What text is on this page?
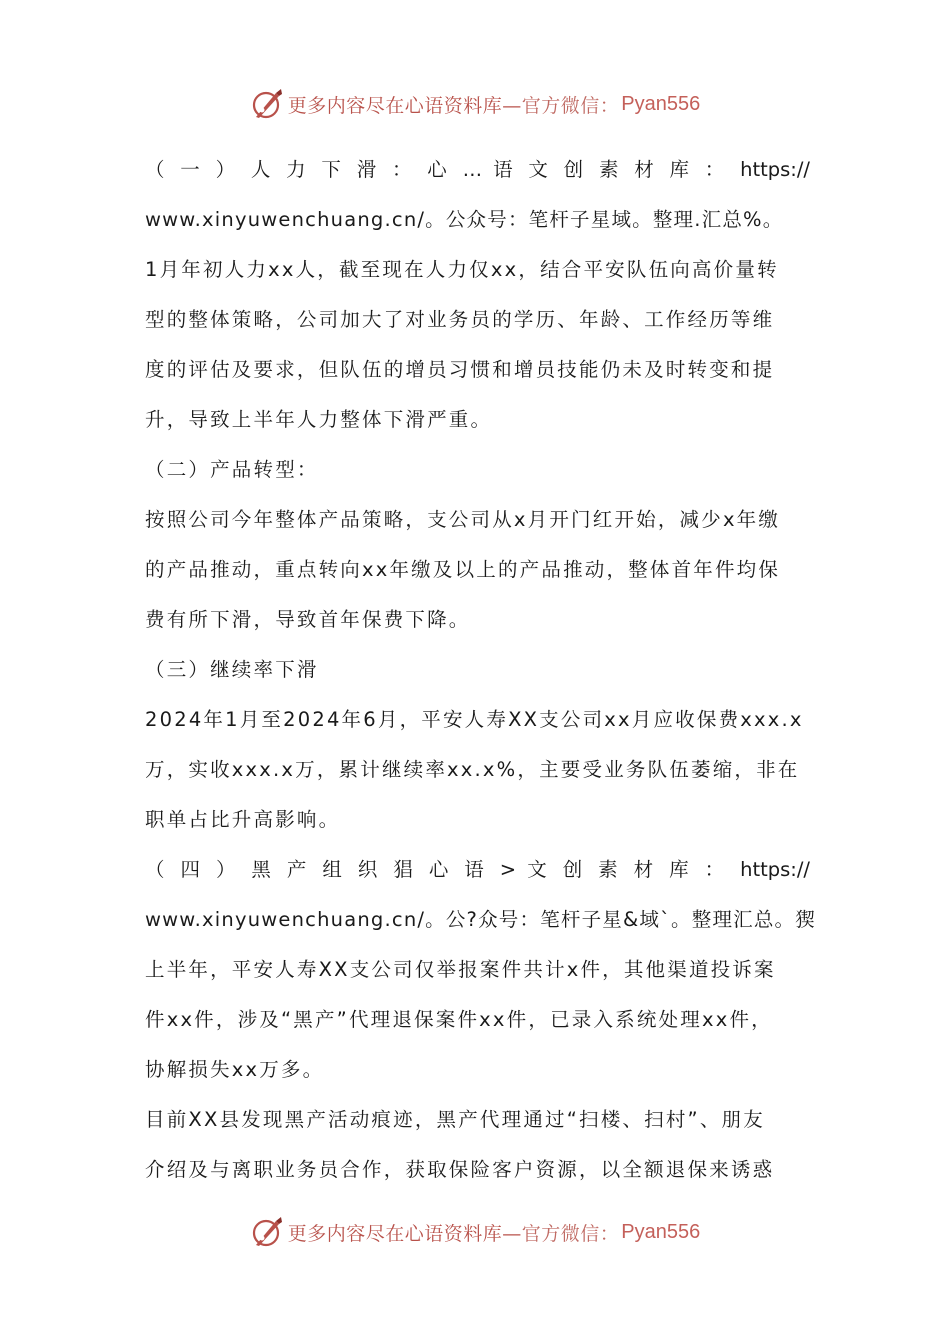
更多内容尽在心语资料库— 官方微信： Pyan556
（ 一 ） 人 力 下 滑 ： 心 … 语 文 创 素 材 库 ： https://
www.xinyuwenchuang.cn/。公众号：笔杆子星域。整理.汇总%。
1月年初人力xx人，截至现在人力仅xx，结合平安队伍向高价量转
型的整体策略，公司加大了对业务员的学历、年龄、工作经历等维
度的评估及要求，但队伍的增员习惯和增员技能仍未及时转变和提
升，导致上半年人力整体下滑严重。
（二）产品转型：
按照公司今年整体产品策略，支公司从x月开门红开始，减少x年缴
的产品推动，重点转向xx年缴及以上的产品推动，整体首年件均保
费有所下滑，导致首年保费下降。
（三）继续率下滑
2024年1月至2024年6月，平安人寿XX支公司xx月应收保费xxx.x
万，实收xxx.x万，累计继续率xx.x%，主要受业务队伍萎缩，非在
职单占比升高影响。
（ 四 ） 黑 产 组 织 猖 心 语 > 文 创 素 材 库 ： https://
www.xinyuwenchuang.cn/。公?众号：笔杆子星&域`。整理汇总。猰
上半年，平安人寿XX支公司仅举报案件共计x件，其他渠道投诉案
件xx件，涉及“黑产”代理退保案件xx件，已录入系统处理xx件，
协解损失xx万多。
目前XX县发现黑产活动痕迹，黑产代理通过“扫楼、扫村”、朋友
介绍及与离职业务员合作，获取保险客户资源，以全额退保来诱惑
更多内容尽在心语资料库— 官方微信： Pyan556
